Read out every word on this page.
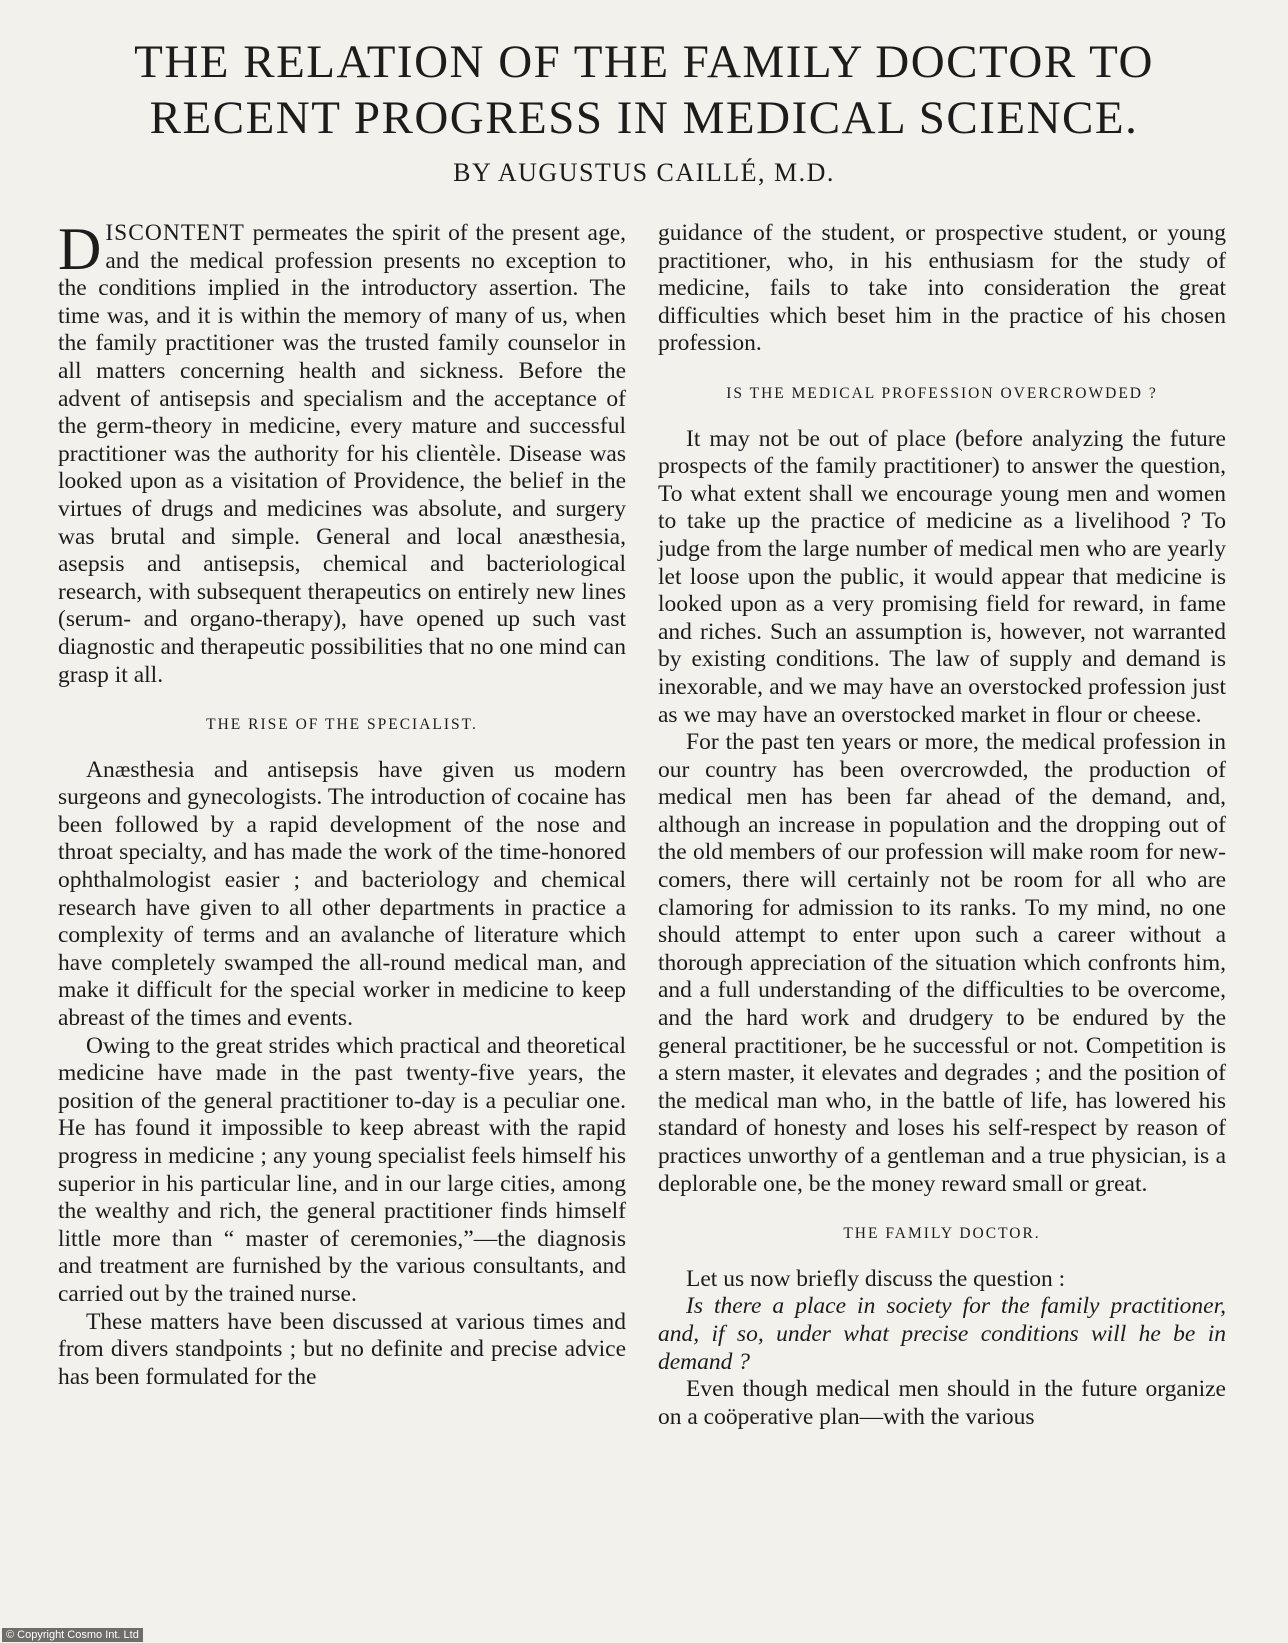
THE RELATION OF THE FAMILY DOCTOR TO
RECENT PROGRESS IN MEDICAL SCIENCE.
BY AUGUSTUS CAILLÉ, M.D.

DISCONTENT permeates the spirit of the present age, and the medical profession presents no exception to the conditions implied in the introductory assertion. The time was, and it is within the memory of many of us, when the family practitioner was the trusted family counselor in all matters concerning health and sickness. Before the advent of antisepsis and specialism and the acceptance of the germ-theory in medicine, every mature and successful practitioner was the authority for his clientèle. Disease was looked upon as a visitation of Providence, the belief in the virtues of drugs and medicines was absolute, and surgery was brutal and simple. General and local anæsthesia, asepsis and antisepsis, chemical and bacteriological research, with subsequent therapeutics on entirely new lines (serum- and organo-therapy), have opened up such vast diagnostic and therapeutic possibilities that no one mind can grasp it all.

THE RISE OF THE SPECIALIST.

Anæsthesia and antisepsis have given us modern surgeons and gynecologists. The introduction of cocaine has been followed by a rapid development of the nose and throat specialty, and has made the work of the time-honored ophthalmologist easier ; and bacteriology and chemical research have given to all other departments in practice a complexity of terms and an avalanche of literature which have completely swamped the all-round medical man, and make it difficult for the special worker in medicine to keep abreast of the times and events.

Owing to the great strides which practical and theoretical medicine have made in the past twenty-five years, the position of the general practitioner to-day is a peculiar one. He has found it impossible to keep abreast with the rapid progress in medicine ; any young specialist feels himself his superior in his particular line, and in our large cities, among the wealthy and rich, the general practitioner finds himself little more than “ master of ceremonies,”—the diagnosis and treatment are furnished by the various consultants, and carried out by the trained nurse.

These matters have been discussed at various times and from divers standpoints ; but no definite and precise advice has been formulated for the

guidance of the student, or prospective student, or young practitioner, who, in his enthusiasm for the study of medicine, fails to take into consideration the great difficulties which beset him in the practice of his chosen profession.

IS THE MEDICAL PROFESSION OVERCROWDED ?

It may not be out of place (before analyzing the future prospects of the family practitioner) to answer the question, To what extent shall we encourage young men and women to take up the practice of medicine as a livelihood ? To judge from the large number of medical men who are yearly let loose upon the public, it would appear that medicine is looked upon as a very promising field for reward, in fame and riches. Such an assumption is, however, not warranted by existing conditions. The law of supply and demand is inexorable, and we may have an overstocked profession just as we may have an overstocked market in flour or cheese.

For the past ten years or more, the medical profession in our country has been overcrowded, the production of medical men has been far ahead of the demand, and, although an increase in population and the dropping out of the old members of our profession will make room for new-comers, there will certainly not be room for all who are clamoring for admission to its ranks. To my mind, no one should attempt to enter upon such a career without a thorough appreciation of the situation which confronts him, and a full understanding of the difficulties to be overcome, and the hard work and drudgery to be endured by the general practitioner, be he successful or not. Competition is a stern master, it elevates and degrades ; and the position of the medical man who, in the battle of life, has lowered his standard of honesty and loses his self-respect by reason of practices unworthy of a gentleman and a true physician, is a deplorable one, be the money reward small or great.

THE FAMILY DOCTOR.

Let us now briefly discuss the question :

Is there a place in society for the family practitioner, and, if so, under what precise conditions will he be in demand ?

Even though medical men should in the future organize on a coöperative plan—with the various

© Copyright Cosmo Int. Ltd
